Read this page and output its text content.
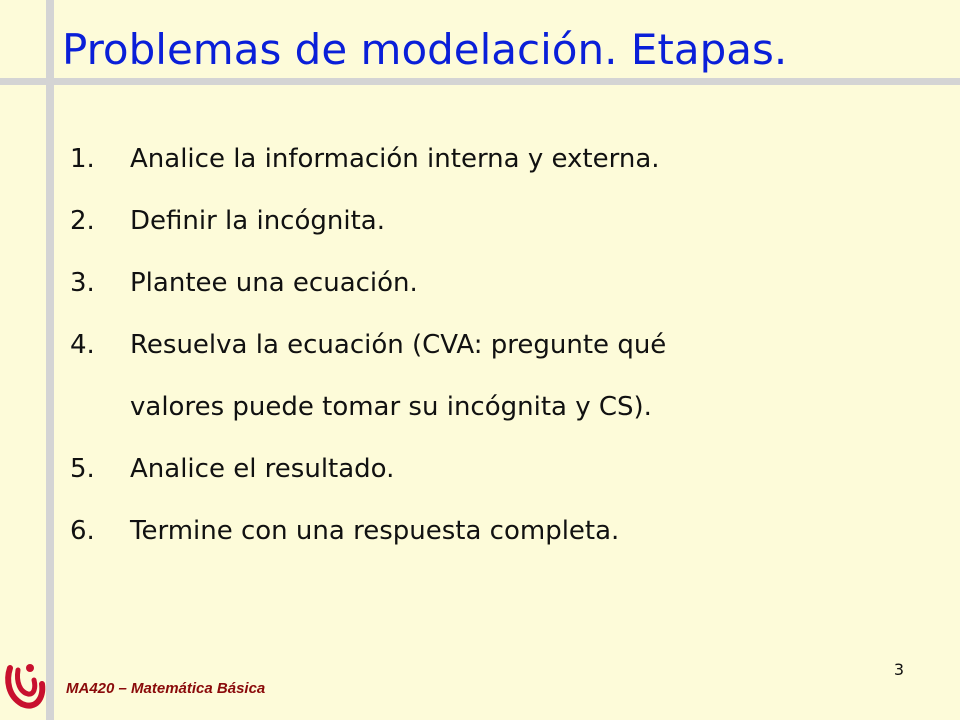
Problemas de modelación. Etapas.
1.	Analice la información interna y externa.
2.	Definir la incógnita.
3.	Plantee una ecuación.
4.	Resuelva la ecuación (CVA: pregunte qué
valores puede tomar su incógnita y CS).
5.	Analice el resultado.
6.	Termine con una respuesta completa.
3
MA420 – Matemática Básica
